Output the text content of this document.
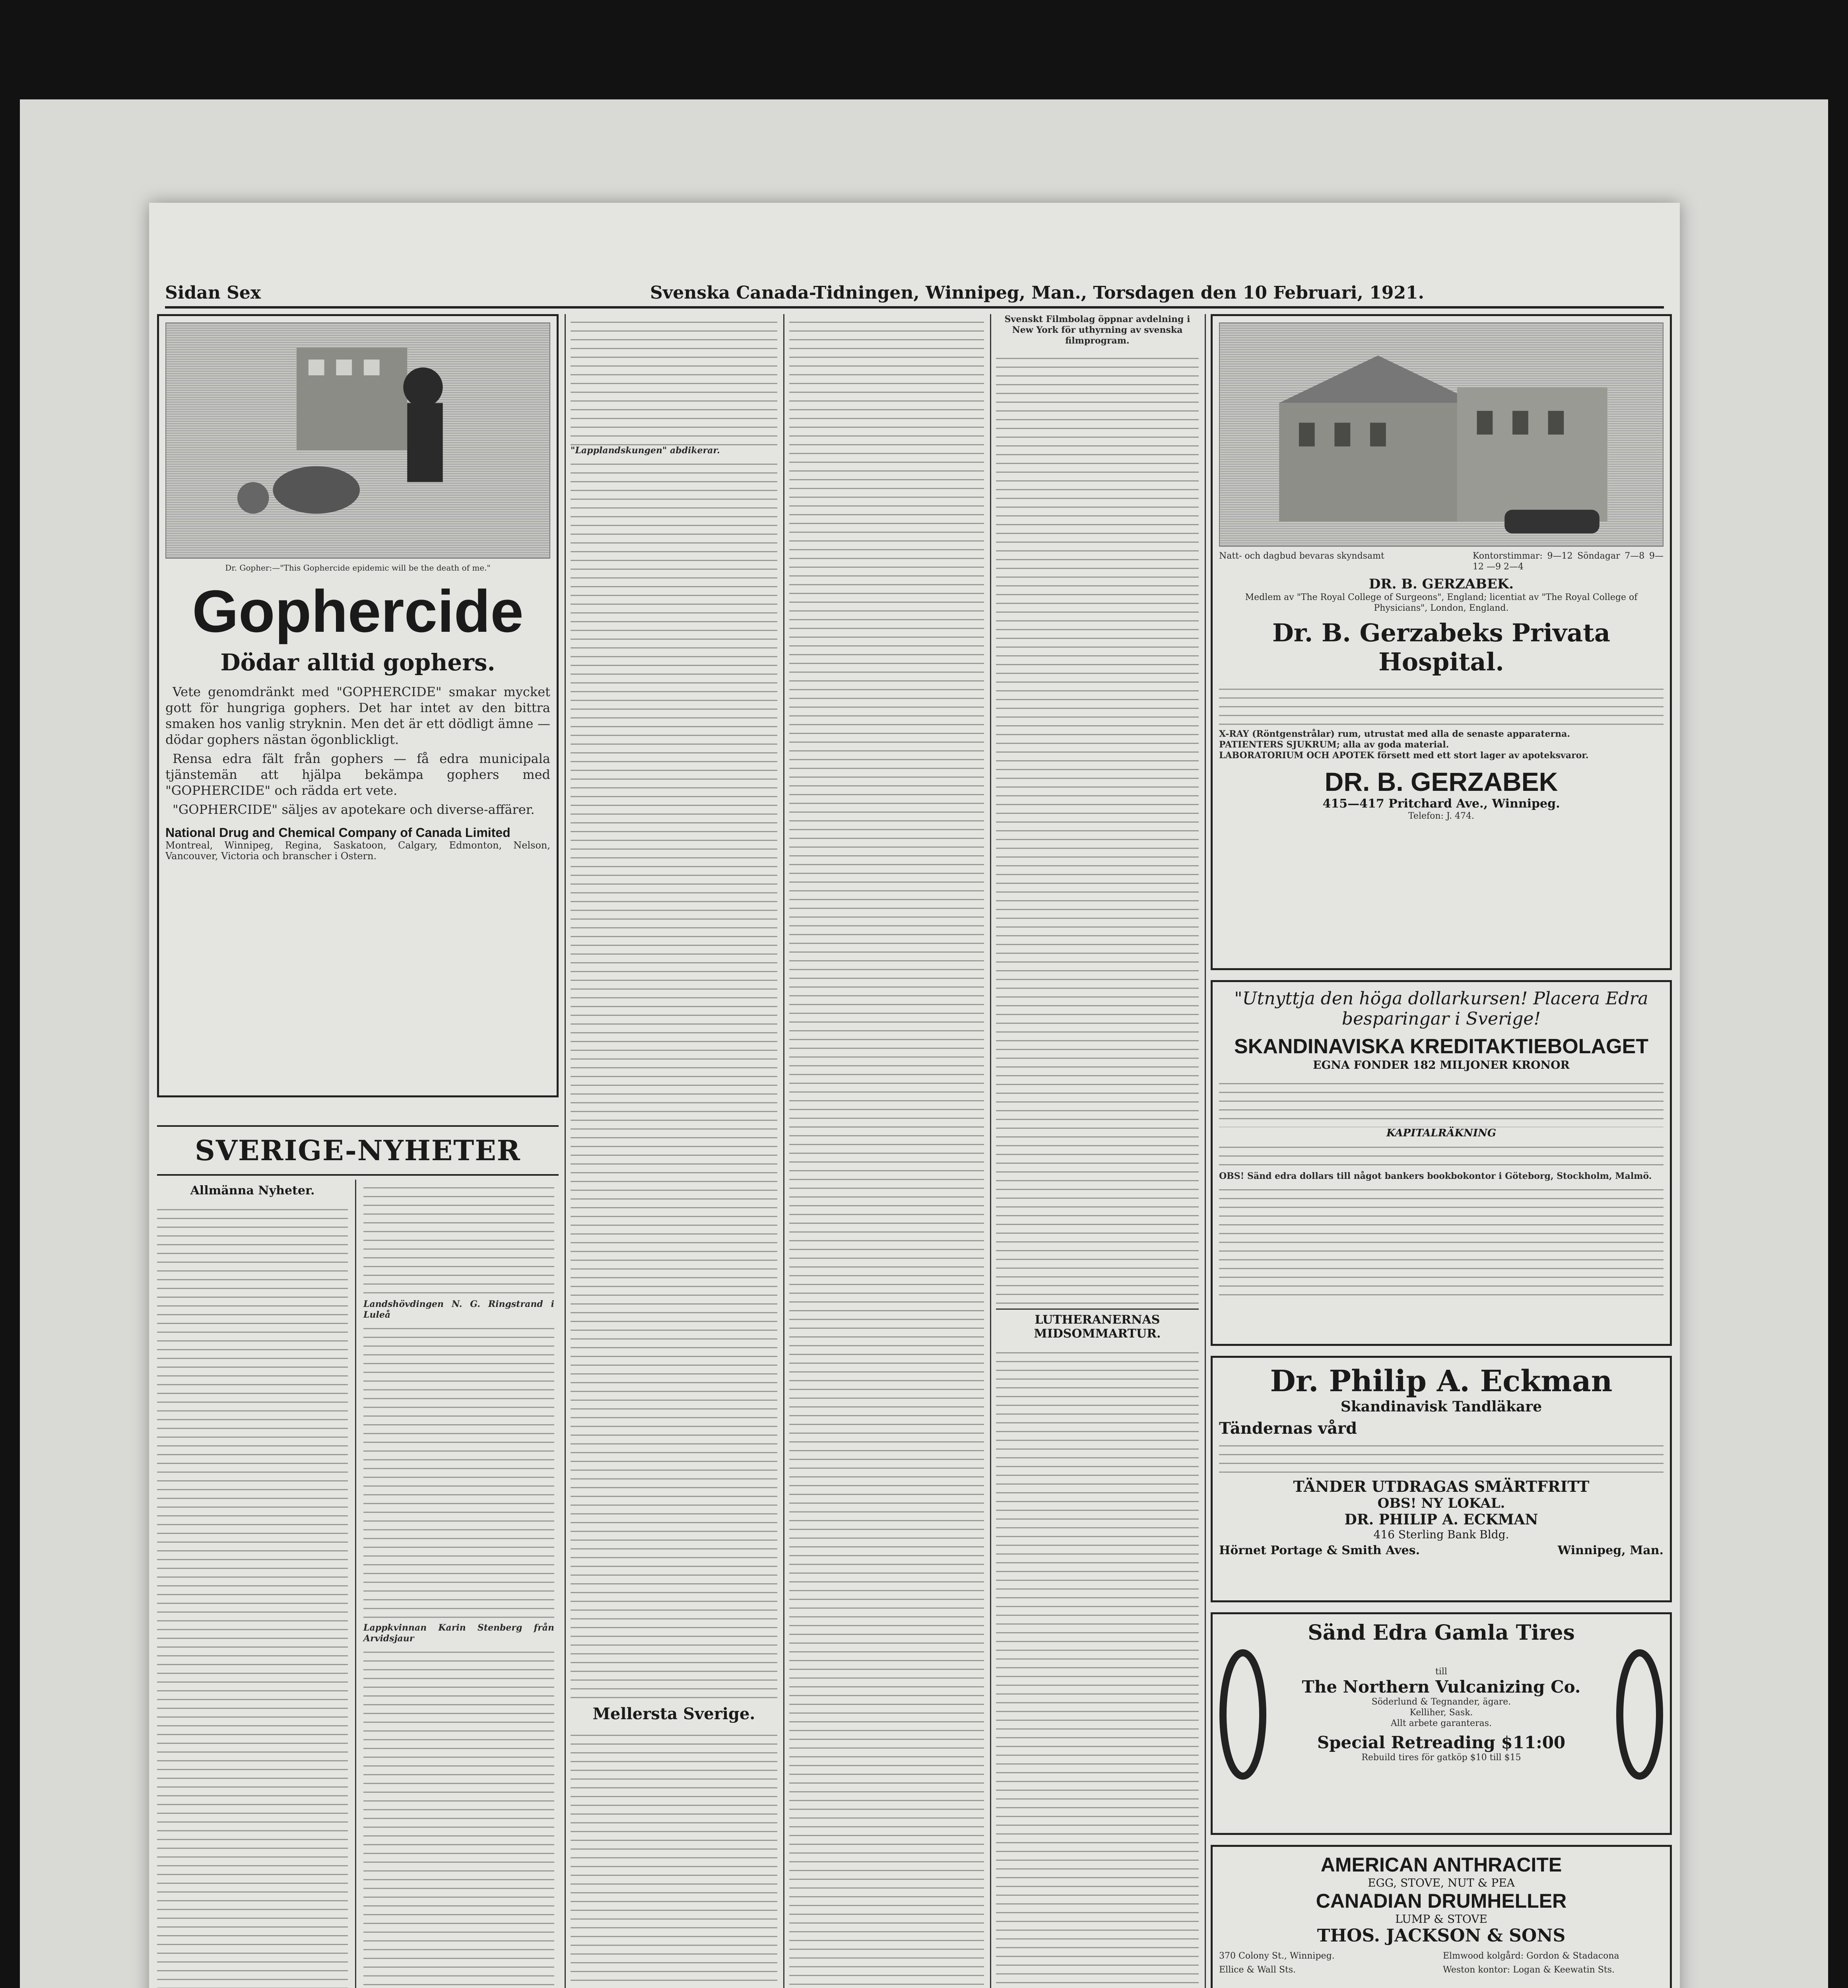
Sidan Sex	Svenska Canada-Tidningen, Winnipeg, Man., Torsdagen den 10 Februari, 1921.
Dr. Gopher:—"This Gophercide epidemic will be the death of me."
Gophercide
Dödar alltid gophers.

Vete genomdränkt med "GOPHERCIDE" smakar mycket gott för hungriga gophers. Det har intet av den bittra smaken hos vanlig stryknin. Men det är ett dödligt ämne — dödar gophers nästan ögonblickligt.

Rensa edra fält från gophers — få edra municipala tjänstemän att hjälpa bekämpa gophers med "GOPHERCIDE" och rädda ert vete.

"GOPHERCIDE" säljes av apotekare och diverse-affärer.

National Drug and Chemical Company of Canada Limited
Montreal, Winnipeg, Regina, Saskatoon, Calgary, Edmonton, Nelson, Vancouver, Victoria och branscher i Ostern.
SVERIGE-NYHETER
Allmänna Nyheter.
Landshövdingen N. G. Ringstrand i Luleå
Lappkvinnan Karin Stenberg från Arvidsjaur
"Lapplandskungen" abdikerar.
Mellersta Sverige.
Svenskt Filmbolag öppnar avdelning i New York för uthyrning av svenska filmprogram.
LUTHERANERNAS MIDSOMMARTUR.
Natt- och dagbud bevaras skyndsamt	Kontorstimmar: 9—12 Söndagar 7—8 9—12 —9 2—4
DR. B. GERZABEK.
Medlem av "The Royal College of Surgeons", England; licentiat av "The Royal College of Physicians", London, England.
Dr. B. Gerzabeks Privata Hospital.
X-RAY (Röntgenstrålar) rum, utrustat med alla de senaste apparaterna.
PATIENTERS SJUKRUM; alla av goda material.
LABORATORIUM OCH APOTEK försett med ett stort lager av apoteksvaror.
DR. B. GERZABEK
415—417 Pritchard Ave., Winnipeg.
Telefon: J. 474.
"Utnyttja den höga dollarkursen! Placera Edra besparingar i Sverige!
SKANDINAVISKA KREDITAKTIEBOLAGET
EGNA FONDER 182 MILJONER KRONOR
KAPITALRÄKNING
OBS! Sänd edra dollars till något bankers bookbokontor i Göteborg, Stockholm, Malmö.
Dr. Philip A. Eckman
Skandinavisk Tandläkare
Tändernas vård
TÄNDER UTDRAGAS SMÄRTFRITT
OBS! NY LOKAL.
DR. PHILIP A. ECKMAN
416 Sterling Bank Bldg.
Hörnet Portage & Smith Aves.	Winnipeg, Man.
Sänd Edra Gamla Tires
till
The Northern Vulcanizing Co.
Söderlund & Tegnander, ägare.
Kelliher, Sask.
Allt arbete garanteras.
Special Retreading $11:00
Rebuild tires för gatköp $10 till $15
AMERICAN ANTHRACITE
EGG, STOVE, NUT & PEA
CANADIAN DRUMHELLER
LUMP & STOVE
THOS. JACKSON & SONS
370 Colony St., Winnipeg.	Elmwood kolgård: Gordon & Stadacona
Ellice & Wall Sts.	Weston kontor: Logan & Keewatin Sts.
